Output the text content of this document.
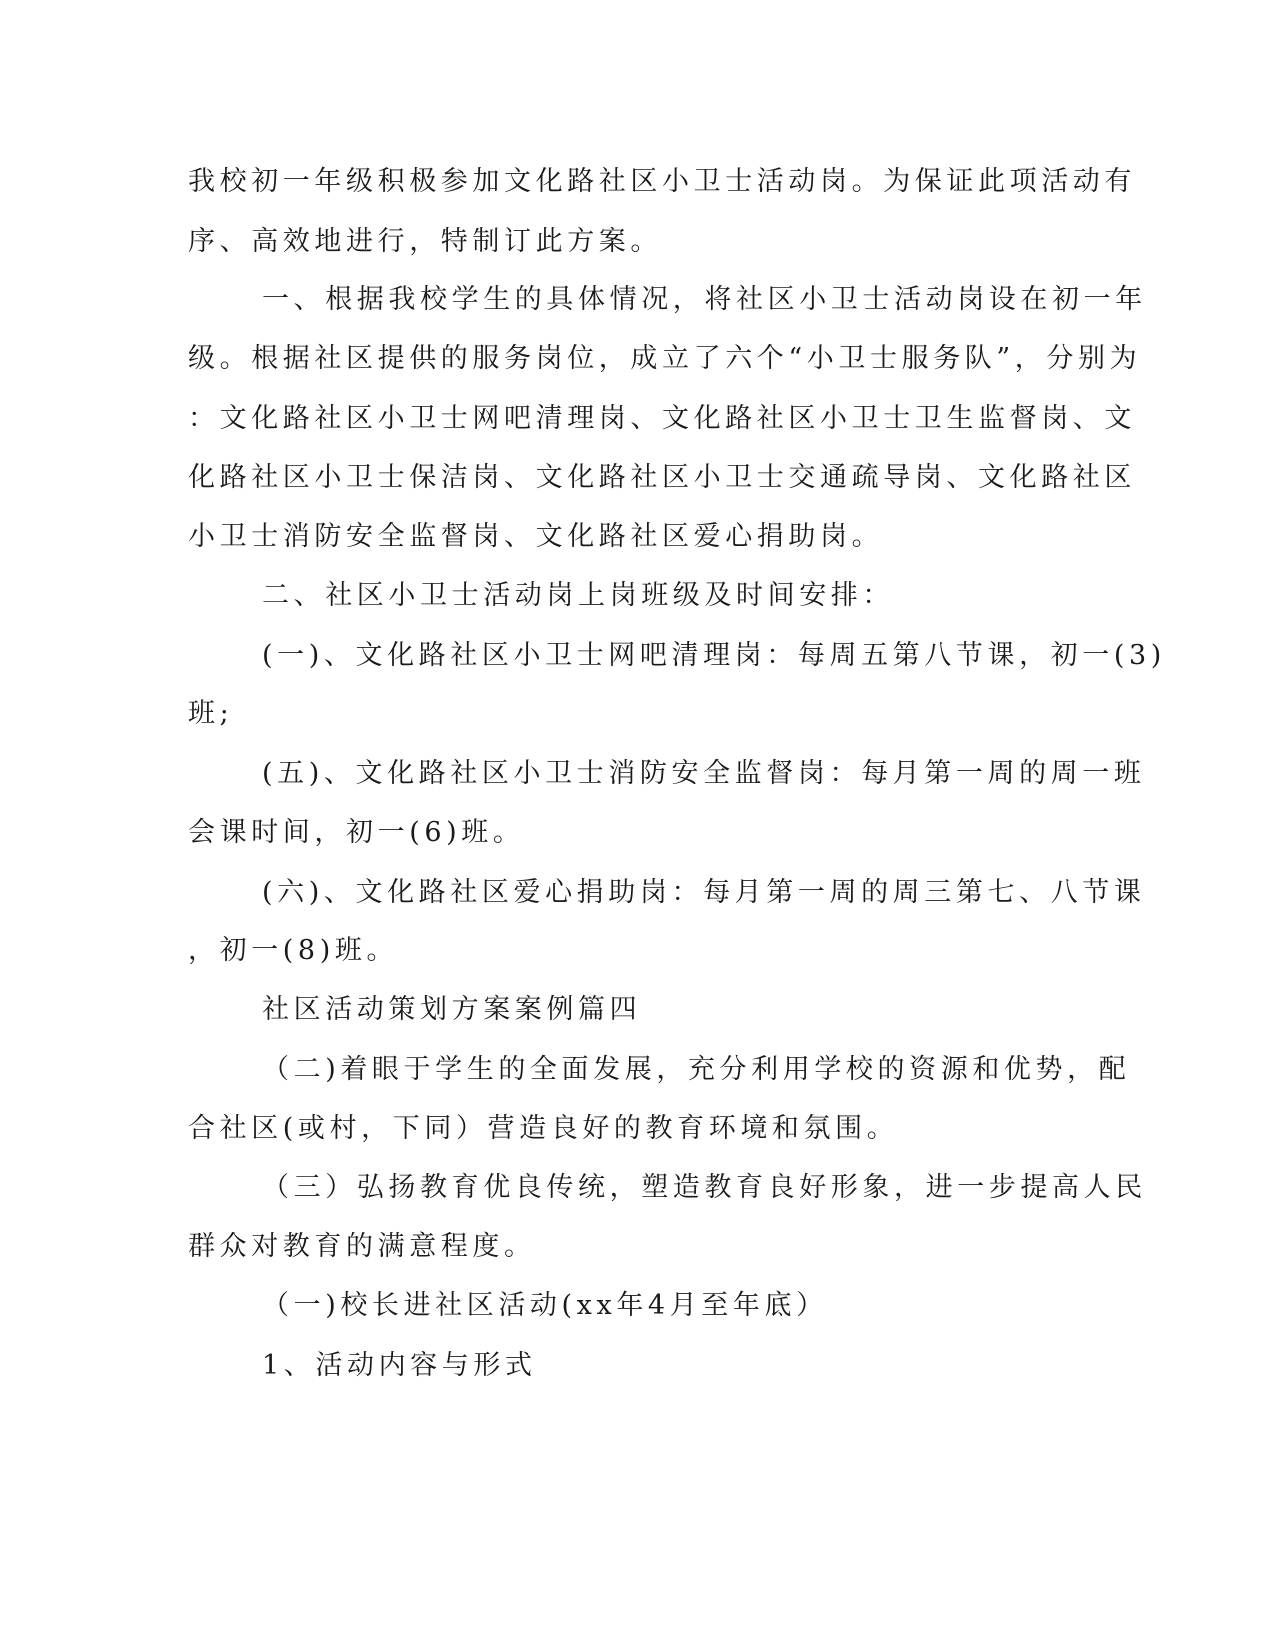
我校初一年级积极参加文化路社区小卫士活动岗。为保证此项活动有
序、高效地进行，特制订此方案。
一、根据我校学生的具体情况，将社区小卫士活动岗设在初一年
级。根据社区提供的服务岗位，成立了六个“小卫士服务队”，分别为
：文化路社区小卫士网吧清理岗、文化路社区小卫士卫生监督岗、文
化路社区小卫士保洁岗、文化路社区小卫士交通疏导岗、文化路社区
小卫士消防安全监督岗、文化路社区爱心捐助岗。
二、社区小卫士活动岗上岗班级及时间安排：
(一)、文化路社区小卫士网吧清理岗：每周五第八节课，初一(3)
班;
(五)、文化路社区小卫士消防安全监督岗：每月第一周的周一班
会课时间，初一(6)班。
(六)、文化路社区爱心捐助岗：每月第一周的周三第七、八节课
，初一(8)班。
社区活动策划方案案例篇四
（二)着眼于学生的全面发展，充分利用学校的资源和优势，配
合社区(或村，下同）营造良好的教育环境和氛围。
（三）弘扬教育优良传统，塑造教育良好形象，进一步提高人民
群众对教育的满意程度。
（一)校长进社区活动(xx年4月至年底）
1、活动内容与形式
